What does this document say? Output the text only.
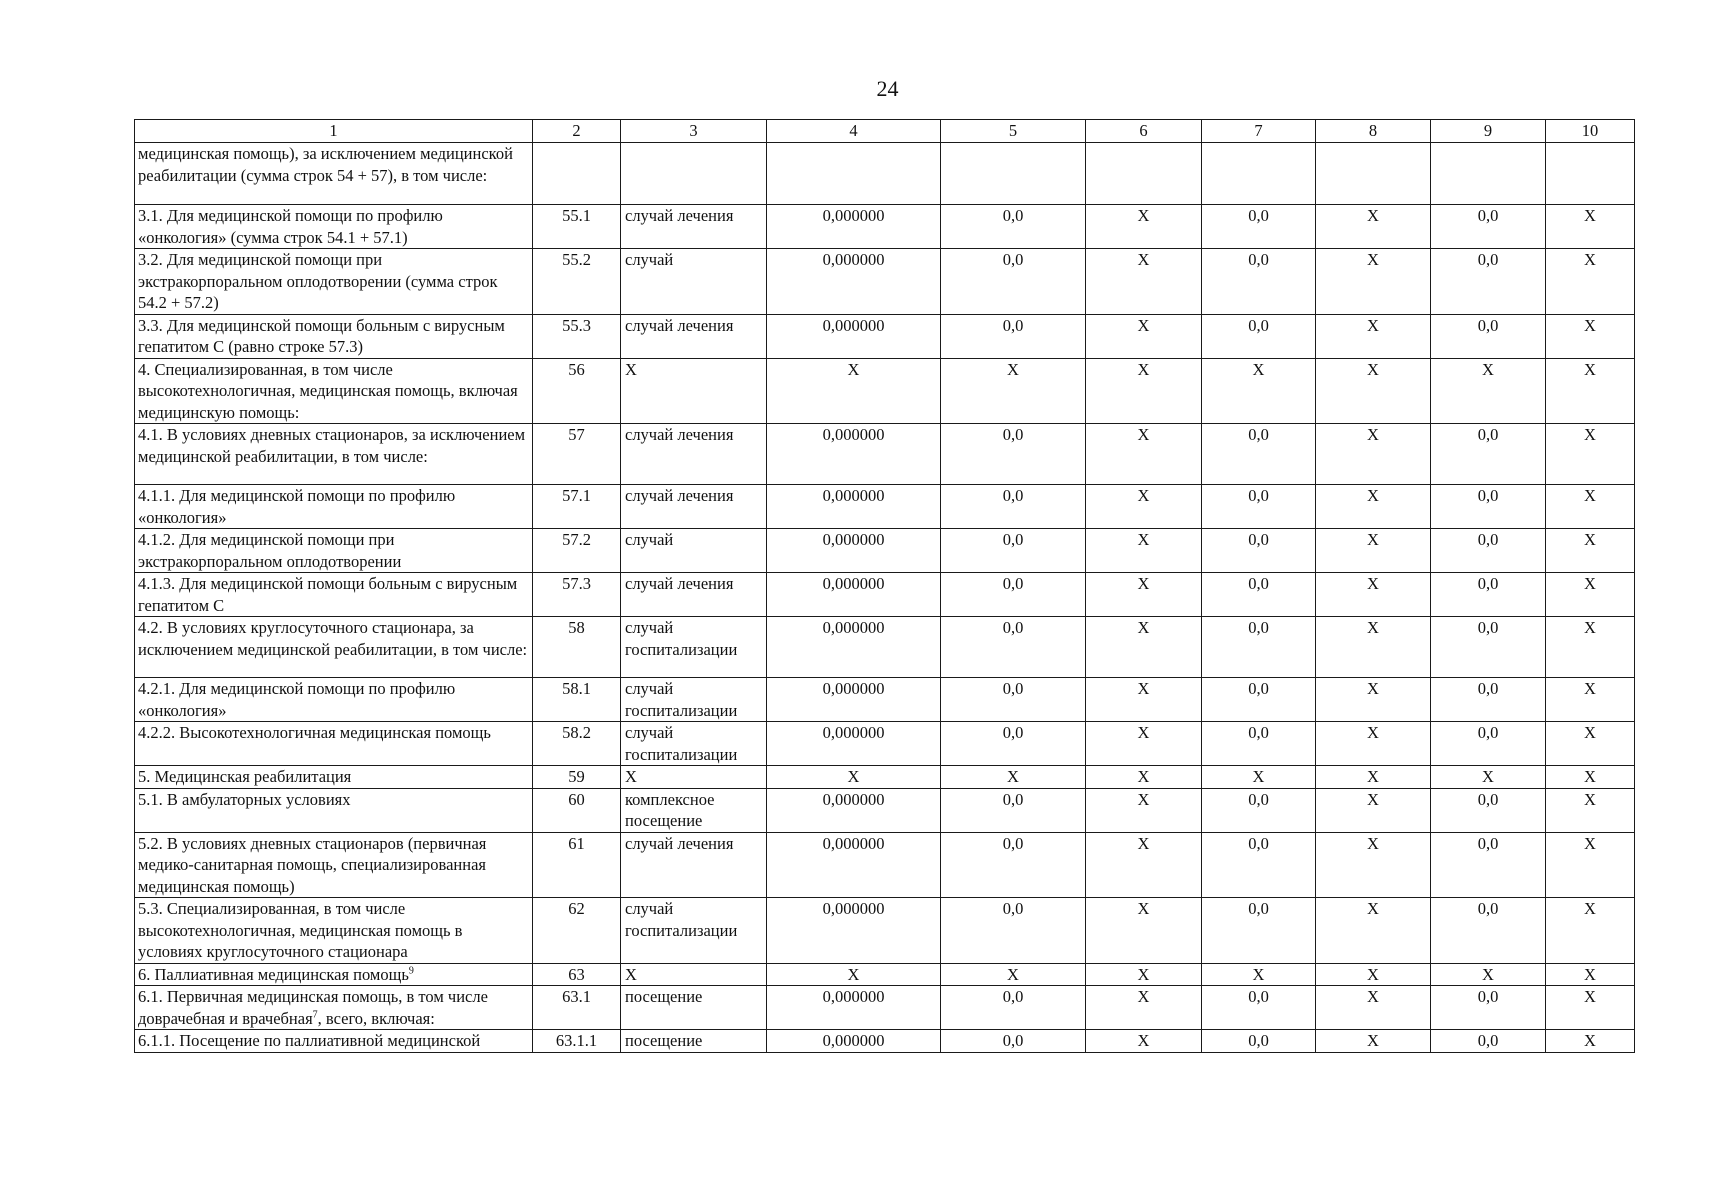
24
1	2	3	4	5	6	7	8	9	10
медицинская помощь), за исключением медицинской реабилитации (сумма строк 54 + 57), в том числе:									
3.1. Для медицинской помощи по профилю «онкология» (сумма строк 54.1 + 57.1)	55.1	случай лечения	0,000000	0,0	X	0,0	X	0,0	X
3.2. Для медицинской помощи при экстракорпоральном оплодотворении (сумма строк 54.2 + 57.2)	55.2	случай	0,000000	0,0	X	0,0	X	0,0	X
3.3. Для медицинской помощи больным с вирусным гепатитом С (равно строке 57.3)	55.3	случай лечения	0,000000	0,0	X	0,0	X	0,0	X
4. Специализированная, в том числе высокотехнологичная, медицинская помощь, включая медицинскую помощь:	56	X	X	X	X	X	X	X	X
4.1. В условиях дневных стационаров, за исключением медицинской реабилитации, в том числе:	57	случай лечения	0,000000	0,0	X	0,0	X	0,0	X
4.1.1. Для медицинской помощи по профилю «онкология»	57.1	случай лечения	0,000000	0,0	X	0,0	X	0,0	X
4.1.2. Для медицинской помощи при экстракорпоральном оплодотворении	57.2	случай	0,000000	0,0	X	0,0	X	0,0	X
4.1.3. Для медицинской помощи больным с вирусным гепатитом С	57.3	случай лечения	0,000000	0,0	X	0,0	X	0,0	X
4.2. В условиях круглосуточного стационара, за исключением медицинской реабилитации, в том числе:	58	случай госпитализации	0,000000	0,0	X	0,0	X	0,0	X
4.2.1. Для медицинской помощи по профилю «онкология»	58.1	случай госпитализации	0,000000	0,0	X	0,0	X	0,0	X
4.2.2. Высокотехнологичная медицинская помощь	58.2	случай госпитализации	0,000000	0,0	X	0,0	X	0,0	X
5. Медицинская реабилитация	59	X	X	X	X	X	X	X	X
5.1. В амбулаторных условиях	60	комплексное посещение	0,000000	0,0	X	0,0	X	0,0	X
5.2. В условиях дневных стационаров (первичная медико-санитарная помощь, специализированная медицинская помощь)	61	случай лечения	0,000000	0,0	X	0,0	X	0,0	X
5.3. Специализированная, в том числе высокотехнологичная, медицинская помощь в условиях круглосуточного стационара	62	случай госпитализации	0,000000	0,0	X	0,0	X	0,0	X
6. Паллиативная медицинская помощь$^9$	63	X	X	X	X	X	X	X	X
6.1. Первичная медицинская помощь, в том числе доврачебная и врачебная$^7$, всего, включая:	63.1	посещение	0,000000	0,0	X	0,0	X	0,0	X
6.1.1. Посещение по паллиативной медицинской	63.1.1	посещение	0,000000	0,0	X	0,0	X	0,0	X
